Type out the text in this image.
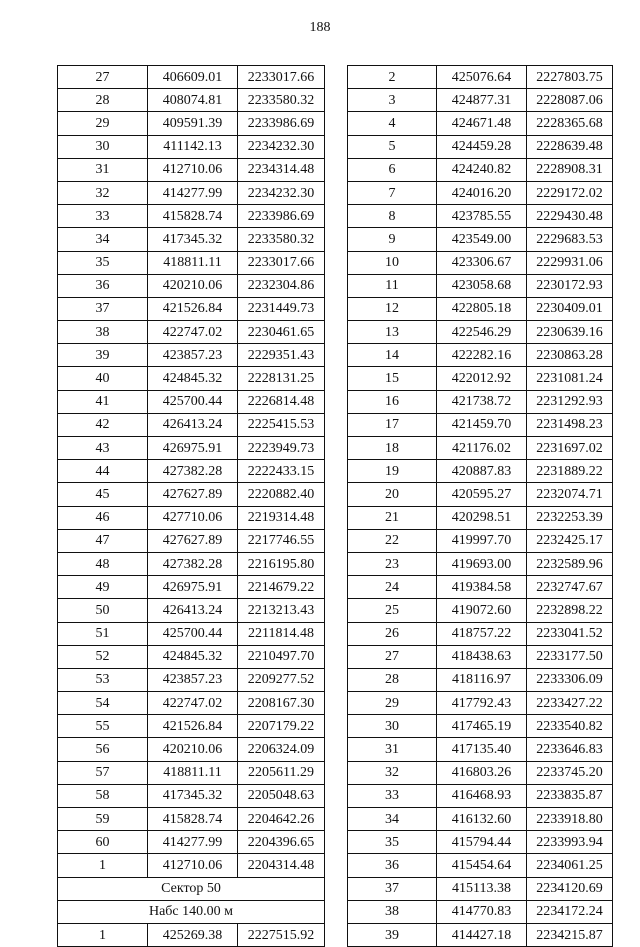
188
27	406609.01	2233017.66
28	408074.81	2233580.32
29	409591.39	2233986.69
30	411142.13	2234232.30
31	412710.06	2234314.48
32	414277.99	2234232.30
33	415828.74	2233986.69
34	417345.32	2233580.32
35	418811.11	2233017.66
36	420210.06	2232304.86
37	421526.84	2231449.73
38	422747.02	2230461.65
39	423857.23	2229351.43
40	424845.32	2228131.25
41	425700.44	2226814.48
42	426413.24	2225415.53
43	426975.91	2223949.73
44	427382.28	2222433.15
45	427627.89	2220882.40
46	427710.06	2219314.48
47	427627.89	2217746.55
48	427382.28	2216195.80
49	426975.91	2214679.22
50	426413.24	2213213.43
51	425700.44	2211814.48
52	424845.32	2210497.70
53	423857.23	2209277.52
54	422747.02	2208167.30
55	421526.84	2207179.22
56	420210.06	2206324.09
57	418811.11	2205611.29
58	417345.32	2205048.63
59	415828.74	2204642.26
60	414277.99	2204396.65
1	412710.06	2204314.48
Сектор 50		
Набс 140.00 м		
1	425269.38	2227515.92
2	425076.64	2227803.75
3	424877.31	2228087.06
4	424671.48	2228365.68
5	424459.28	2228639.48
6	424240.82	2228908.31
7	424016.20	2229172.02
8	423785.55	2229430.48
9	423549.00	2229683.53
10	423306.67	2229931.06
11	423058.68	2230172.93
12	422805.18	2230409.01
13	422546.29	2230639.16
14	422282.16	2230863.28
15	422012.92	2231081.24
16	421738.72	2231292.93
17	421459.70	2231498.23
18	421176.02	2231697.02
19	420887.83	2231889.22
20	420595.27	2232074.71
21	420298.51	2232253.39
22	419997.70	2232425.17
23	419693.00	2232589.96
24	419384.58	2232747.67
25	419072.60	2232898.22
26	418757.22	2233041.52
27	418438.63	2233177.50
28	418116.97	2233306.09
29	417792.43	2233427.22
30	417465.19	2233540.82
31	417135.40	2233646.83
32	416803.26	2233745.20
33	416468.93	2233835.87
34	416132.60	2233918.80
35	415794.44	2233993.94
36	415454.64	2234061.25
37	415113.38	2234120.69
38	414770.83	2234172.24
39	414427.18	2234215.87
